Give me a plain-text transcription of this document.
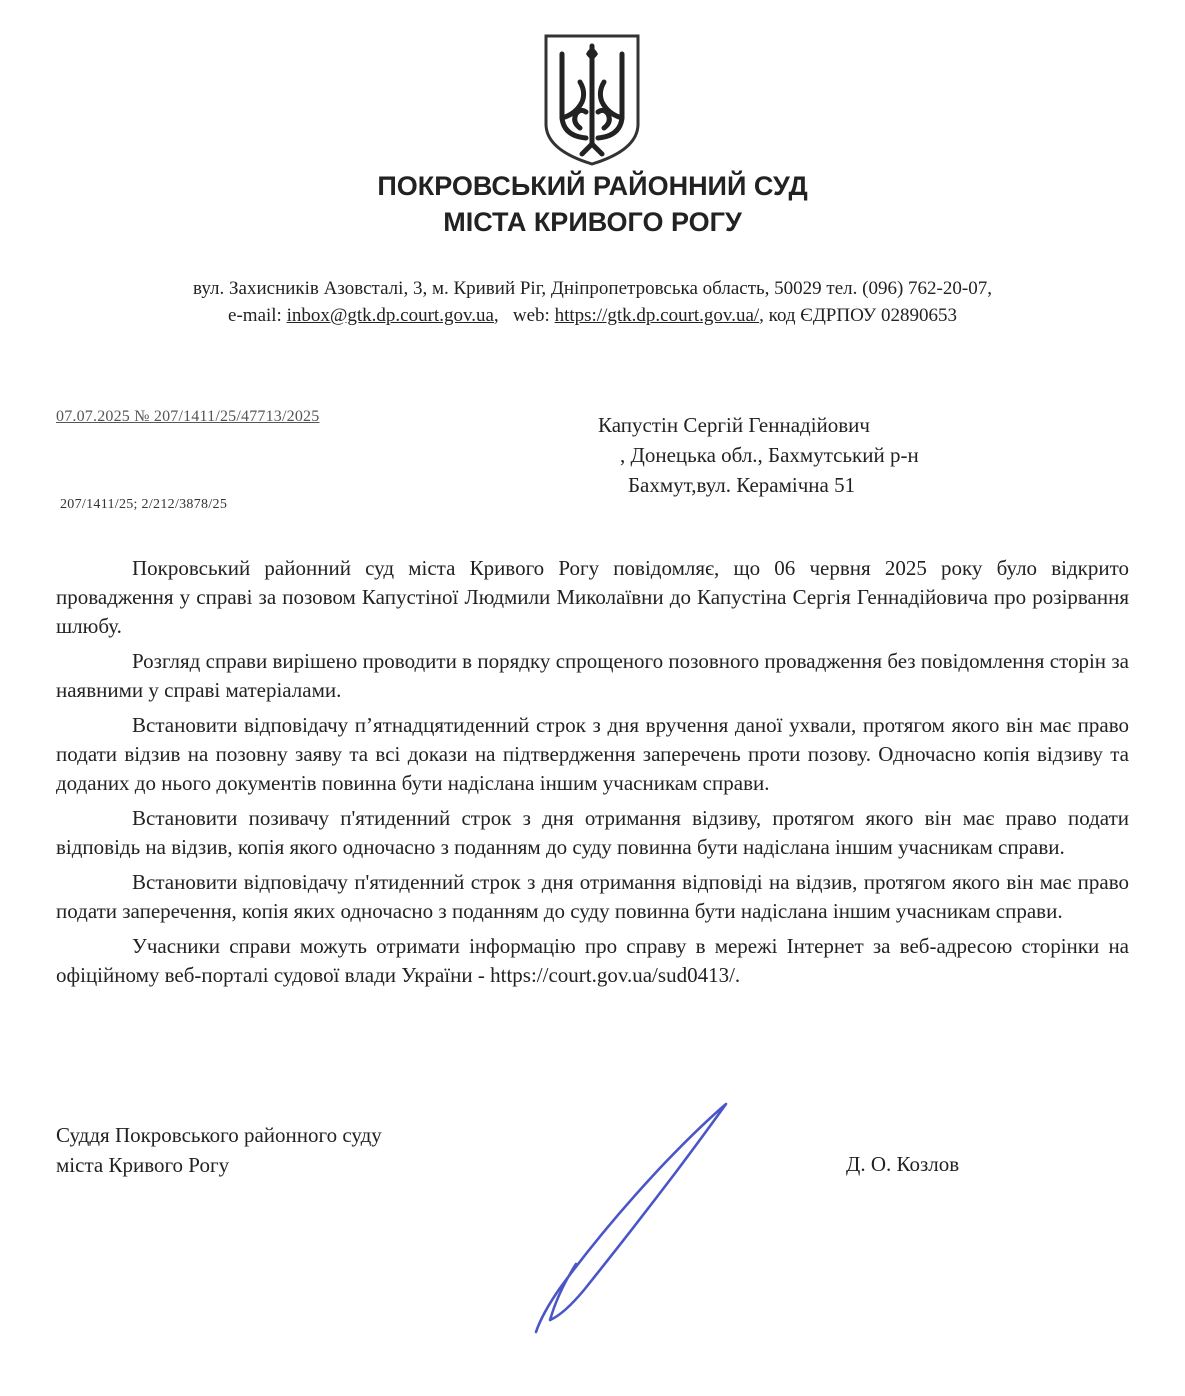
ПОКРОВСЬКИЙ РАЙОННИЙ СУД
МІСТА КРИВОГО РОГУ
вул. Захисників Азовсталі, 3, м. Кривий Ріг, Дніпропетровська область, 50029 тел. (096) 762-20-07,
e-mail: inbox@gtk.dp.court.gov.ua,   web: https://gtk.dp.court.gov.ua/, код ЄДРПОУ 02890653
07.07.2025 № 207/1411/25/47713/2025
207/1411/25; 2/212/3878/25
Капустін Сергій Геннадійович
, Донецька обл., Бахмутський р-н
Бахмут,вул. Керамічна 51

Покровський районний суд міста Кривого Рогу повідомляє, що 06 червня 2025 року було відкрито провадження у справі за позовом Капустіної Людмили Миколаївни до Капустіна Сергія Геннадійовича про розірвання шлюбу.

Розгляд справи вирішено проводити в порядку спрощеного позовного провадження без повідомлення сторін за наявними у справі матеріалами.

Встановити відповідачу п’ятнадцятиденний строк з дня вручення даної ухвали, протягом якого він має право подати відзив на позовну заяву та всі докази на підтвердження заперечень проти позову. Одночасно копія відзиву та доданих до нього документів повинна бути надіслана іншим учасникам справи.

Встановити позивачу п'ятиденний строк з дня отримання відзиву, протягом якого він має право подати відповідь на відзив, копія якого одночасно з поданням до суду повинна бути надіслана іншим учасникам справи.

Встановити відповідачу п'ятиденний строк з дня отримання відповіді на відзив, протягом якого він має право подати заперечення, копія яких одночасно з поданням до суду повинна бути надіслана іншим учасникам справи.

Учасники справи можуть отримати інформацію про справу в мережі Інтернет за веб-адресою сторінки на офіційному веб-порталі судової влади України - https://court.gov.ua/sud0413/.

Суддя Покровського районного суду
міста Кривого Рогу	Д. О. Козлов
